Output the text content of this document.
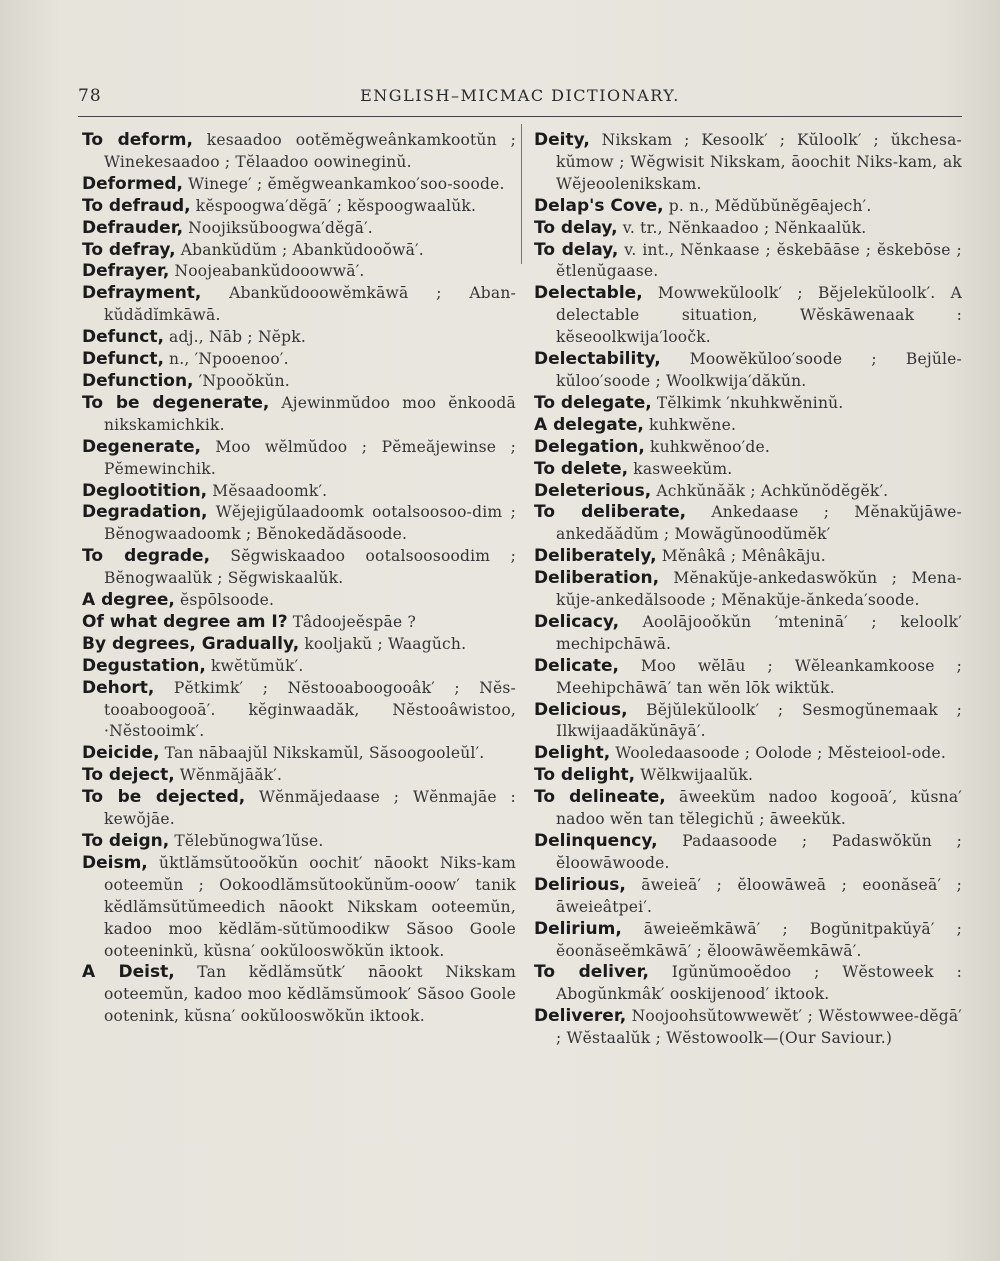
78	ENGLISH–MICMAC DICTIONARY.

To deform, kesaadoo ootĕmĕgweânkamkootŭn ; Winekesaadoo ; Tĕlaadoo oowineginŭ.

Deformed, Winege′ ; ĕmĕgweankamkoo′soo-soode.

To defraud, kĕspoogwa′dĕgā′ ; kĕspoogwaalŭk.

Defrauder, Noojiksŭboogwa′dĕgā′.

To defray, Abankŭdŭm ; Abankŭdooŏwā′.

Defrayer, Noojeabankŭdooowwā′.

Defrayment, Abankŭdooowĕmkāwā ; Aban-kŭdădĭmkāwā.

Defunct, adj., Nāb ; Nĕpk.

Defunct, n., ′Npooenoo′.

Defunction, ′Npooŏkŭn.

To be degenerate, Ajewinmŭdoo moo ĕnkoodā nikskamichkik.

Degenerate, Moo wĕlmŭdoo ; Pĕmeăjewinse ; Pĕmewinchik.

Deglootition, Mĕsaadoomk′.

Degradation, Wĕjejigŭlaadoomk ootalsoosoo-dim ; Bĕnogwaadoomk ; Bĕnokedădăsoode.

To degrade, Sĕgwiskaadoo ootalsoosoodim ; Bĕnogwaalŭk ; Sĕgwiskaalŭk.

A degree, ĕspōlsoode.

Of what degree am I? Tâdoojeĕspāe ?

By degrees, Gradually, kooljakŭ ; Waagŭch.

Degustation, kwĕtŭmŭk′.

Dehort, Pĕtkimk′ ; Nĕstooaboogooâk′ ; Nĕs-tooaboogooā′. kĕginwaadăk, Nĕstooâwistoo, ·Nĕstooimk′.

Deicide, Tan nābaajŭl Nikskamŭl, Săsoogooleŭl′.

To deject, Wĕnmăjāăk′.

To be dejected, Wĕnmăjedaase ; Wĕnmajāe : kewŏjāe.

To deign, Tĕlebŭnogwa′lŭse.

Deism, ŭktlămsŭtooŏkŭn oochit′ nāookt Niks-kam ooteemŭn ; Ookoodlămsŭtookŭnŭm-ooow′ tanik kĕdlămsŭtŭmeedich nāookt Nikskam ooteemŭn, kadoo moo kĕdlăm-sŭtŭmoodikw Săsoo Goole ooteeninkŭ, kŭsna′ ookŭlooswŏkŭn iktook.

A Deist, Tan kĕdlămsŭtk′ nāookt Nikskam ooteemŭn, kadoo moo kĕdlămsŭmook′ Săsoo Goole ootenink, kŭsna′ ookŭlooswŏkŭn iktook.

Deity, Nikskam ; Kesoolk′ ; Kŭloolk′ ; ŭkchesa-kŭmow ; Wĕgwisit Nikskam, āoochit Niks-kam, ak Wĕjeoolenikskam.

Delap's Cove, p. n., Mĕdŭbŭnĕgēajech′.

To delay, v. tr., Nĕnkaadoo ; Nĕnkaalŭk.

To delay, v. int., Nĕnkaase ; ĕskebāāse ; ĕskebōse ; ĕtlenŭgaase.

Delectable, Mowwekŭloolk′ ; Bĕjelekŭloolk′. A delectable situation, Wĕskāwenaak : kĕseoolkwija′loočk.

Delectability, Moowĕkŭloo′soode ; Bejŭle-kŭloo′soode ; Woolkwija′dăkŭn.

To delegate, Tĕlkimk ′nkuhkwĕninŭ.

A delegate, kuhkwĕne.

Delegation, kuhkwĕnoo′de.

To delete, kasweekŭm.

Deleterious, Achkŭnăăk ; Achkŭnŏdĕgĕk′.

To deliberate, Ankedaase ; Mĕnakŭjāwe-ankedăădŭm ; Mowăgŭnoodŭmĕk′

Deliberately, Mĕnâkâ ; Mênâkāju.

Deliberation, Mĕnakŭje-ankedaswŏkŭn ; Mena-kŭje-ankedălsoode ; Mĕnakŭje-ănkeda′soode.

Delicacy, Aoolājooŏkŭn ′mteninā′ ; keloolk′ mechipchāwā.

Delicate, Moo wĕlāu ; Wĕleankamkoose ; Meehipchāwā′ tan wĕn lōk wiktŭk.

Delicious, Bĕjŭlekŭloolk′ ; Sesmogŭnemaak ; Ilkwijaadăkŭnāyā′.

Delight, Wooledaasoode ; Oolode ; Mĕsteiool-ode.

To delight, Wĕlkwijaalŭk.

To delineate, āweekŭm nadoo kogooā′, kŭsna′ nadoo wĕn tan tĕlegichŭ ; āweekŭk.

Delinquency, Padaasoode ; Padaswŏkŭn ; ĕloowāwoode.

Delirious, āweieā′ ; ĕloowāweā ; eoonăseā′ ; āweieâtpei′.

Delirium, āweieĕmkāwā′ ; Bogŭnitpakŭyā′ ; ĕoonăseĕmkāwā′ ; ĕloowāwĕemkāwā′.

To deliver, Igŭnŭmooĕdoo ; Wĕstoweek : Abogŭnkmâk′ ooskijenood′ iktook.

Deliverer, Noojoohsŭtowwewĕt′ ; Wĕstowwee-dĕgā′ ; Wĕstaalŭk ; Wĕstowoolk—(Our Saviour.)
